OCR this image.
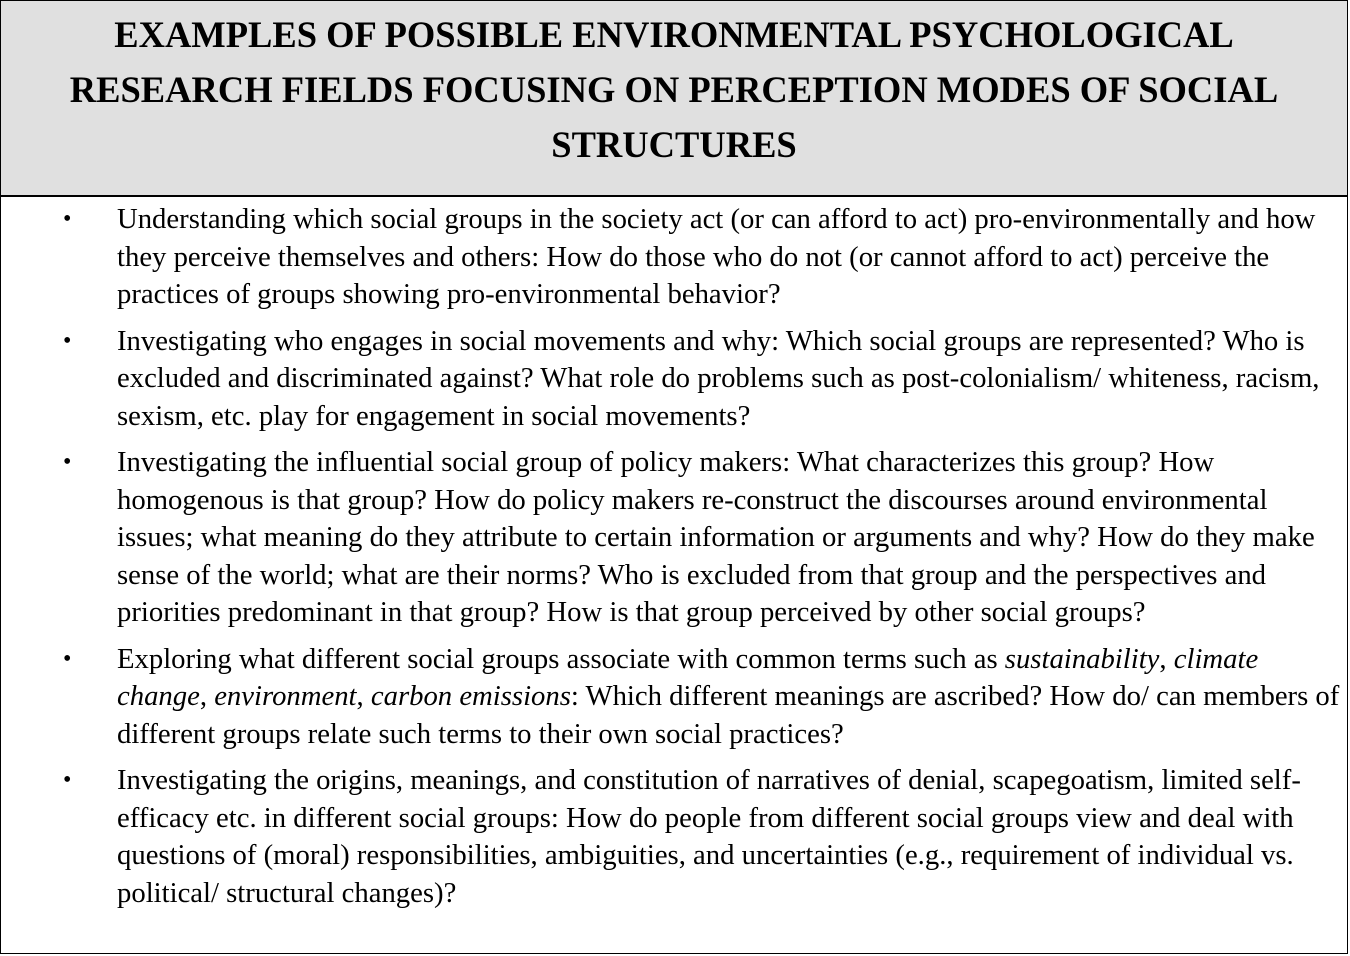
EXAMPLES OF POSSIBLE ENVIRONMENTAL PSYCHOLOGICAL RESEARCH FIELDS FOCUSING ON PERCEPTION MODES OF SOCIAL STRUCTURES
• Understanding which social groups in the society act (or can afford to act) pro-environmentally and how they perceive themselves and others: How do those who do not (or cannot afford to act) perceive the practices of groups showing pro-environmental behavior?
• Investigating who engages in social movements and why: Which social groups are represented? Who is excluded and discriminated against? What role do problems such as post-colonialism/ whiteness, racism, sexism, etc. play for engagement in social movements?
• Investigating the influential social group of policy makers: What characterizes this group? How homogenous is that group? How do policy makers re-construct the discourses around environmental issues; what meaning do they attribute to certain information or arguments and why? How do they make sense of the world; what are their norms? Who is excluded from that group and the perspectives and priorities predominant in that group? How is that group perceived by other social groups?
• Exploring what different social groups associate with common terms such as sustainability, climate change, environment, carbon emissions: Which different meanings are ascribed? How do/ can members of different groups relate such terms to their own social practices?
• Investigating the origins, meanings, and constitution of narratives of denial, scapegoatism, limited self-efficacy etc. in different social groups: How do people from different social groups view and deal with questions of (moral) responsibilities, ambiguities, and uncertainties (e.g., requirement of individual vs. political/ structural changes)?
